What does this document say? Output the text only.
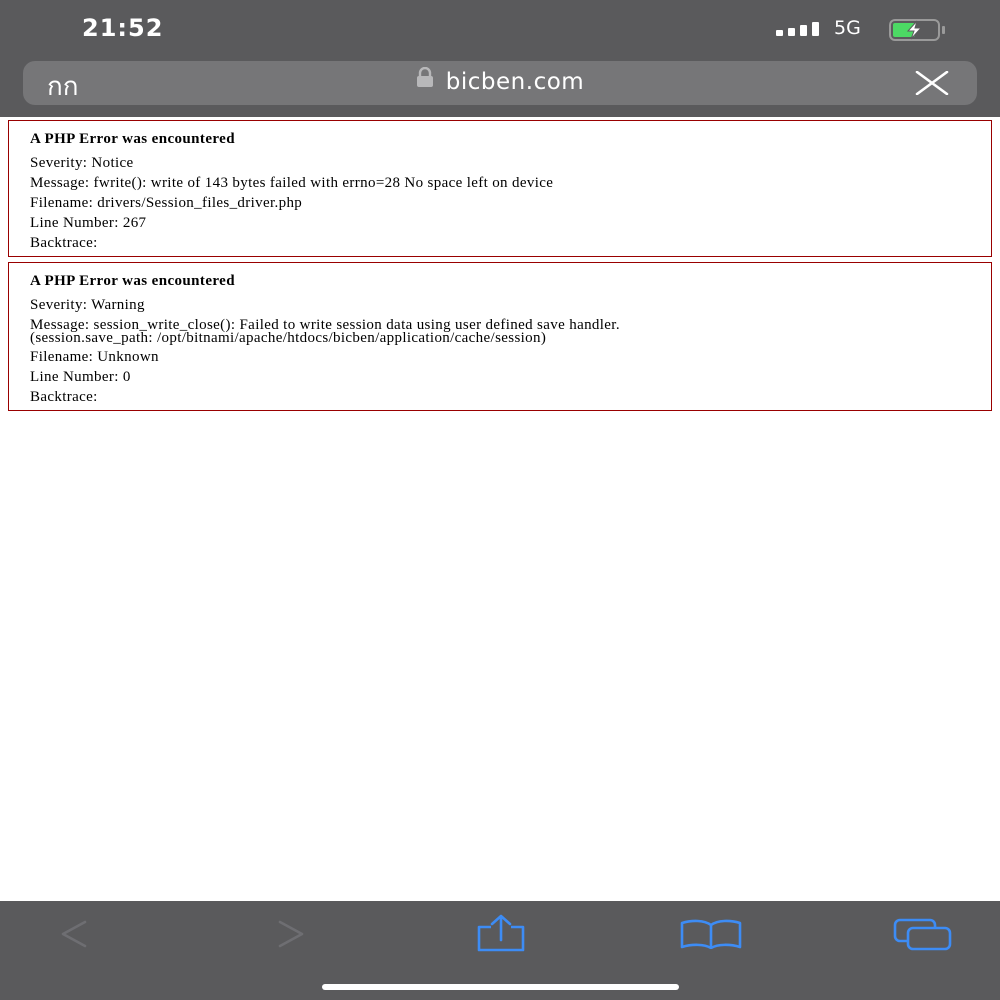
21:52	5G
กก	bicben.com
A PHP Error was encountered

Severity: Notice

Message: fwrite(): write of 143 bytes failed with errno=28 No space left on device

Filename: drivers/Session_files_driver.php

Line Number: 267

Backtrace:

A PHP Error was encountered

Severity: Warning

Message: session_write_close(): Failed to write session data using user defined save handler.
(session.save_path: /opt/bitnami/apache/htdocs/bicben/application/cache/session)

Filename: Unknown

Line Number: 0

Backtrace:
